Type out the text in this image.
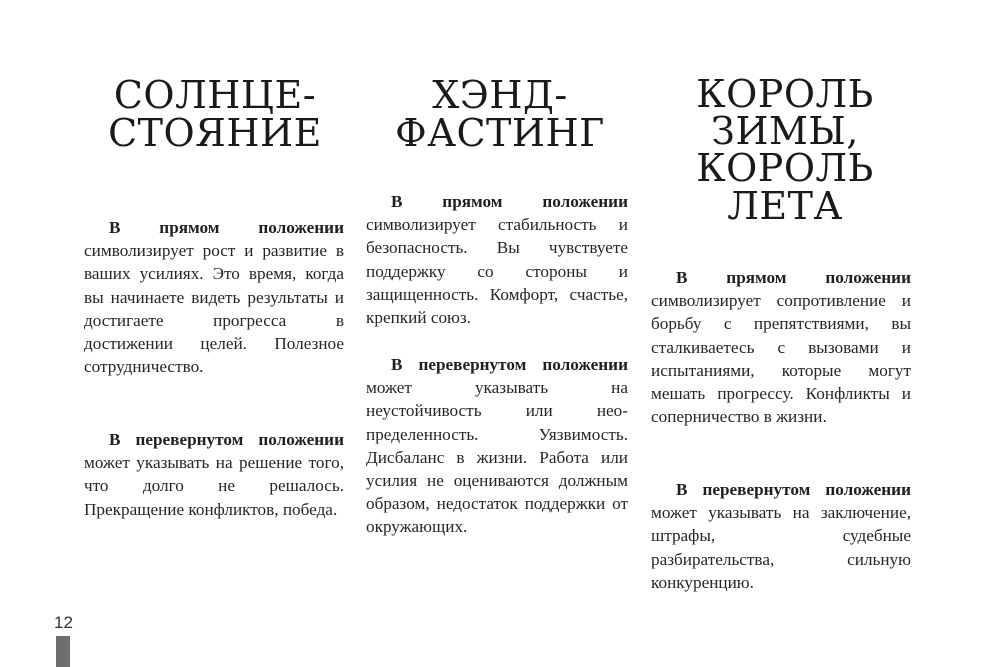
СОЛНЦЕ-
СТОЯНИЕ

В прямом положении символизирует рост и развитие в ваших усилиях. Это время, когда вы начинаете видеть результаты и достигаете прогресса в достижении целей. Полезное сотрудничество.

В перевернутом положении может указывать на решение того, что долго не решалось. Прекращение конфликтов, победа.

ХЭНД-
ФАСТИНГ

В прямом положении символизирует стабильность и безопасность. Вы чувствуете поддержку со стороны и защищенность. Комфорт, счастье, крепкий союз.

В перевернутом положении может указывать на неустойчивость или неопределенность. Уязвимость. Дисбаланс в жизни. Работа или усилия не оцениваются должным образом, недостаток поддержки от окружающих.

КОРОЛЬ
ЗИМЫ,
КОРОЛЬ
ЛЕТА

В прямом положении символизирует сопротивление и борьбу с препятствиями, вы сталкиваетесь с вызовами и испытаниями, которые могут мешать прогрессу. Конфликты и соперничество в жизни.

В перевернутом положении может указывать на заключение, штрафы, судебные разбирательства, сильную конкуренцию.

12
